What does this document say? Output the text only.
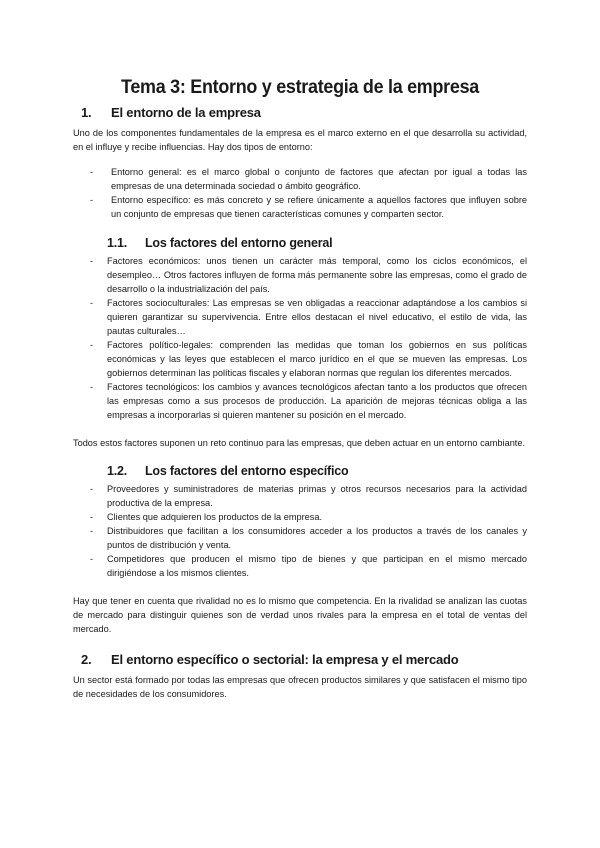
Tema 3: Entorno y estrategia de la empresa
1.	El entorno de la empresa

Uno de los componentes fundamentales de la empresa es el marco externo en el que desarrolla su actividad, en el influye y recibe influencias. Hay dos tipos de entorno:

- Entorno general: es el marco global o conjunto de factores que afectan por igual a todas las empresas de una determinada sociedad o ámbito geográfico.
- Entorno específico: es más concreto y se refiere únicamente a aquellos factores que influyen sobre un conjunto de empresas que tienen características comunes y comparten sector.
1.1.	Los factores del entorno general
- Factores económicos: unos tienen un carácter más temporal, como los ciclos económicos, el desempleo… Otros factores influyen de forma más permanente sobre las empresas, como el grado de desarrollo o la industrialización del país.
- Factores socioculturales: Las empresas se ven obligadas a reaccionar adaptándose a los cambios si quieren garantizar su supervivencia. Entre ellos destacan el nivel educativo, el estilo de vida, las pautas culturales…
- Factores político-legales: comprenden las medidas que toman los gobiernos en sus políticas económicas y las leyes que establecen el marco jurídico en el que se mueven las empresas. Los gobiernos determinan las políticas fiscales y elaboran normas que regulan los diferentes mercados.
- Factores tecnológicos: los cambios y avances tecnológicos afectan tanto a los productos que ofrecen las empresas como a sus procesos de producción. La aparición de mejoras técnicas obliga a las empresas a incorporarlas si quieren mantener su posición en el mercado.

Todos estos factores suponen un reto continuo para las empresas, que deben actuar en un entorno cambiante.

1.2.	Los factores del entorno específico
- Proveedores y suministradores de materias primas y otros recursos necesarios para la actividad productiva de la empresa.
- Clientes que adquieren los productos de la empresa.
- Distribuidores que facilitan a los consumidores acceder a los productos a través de los canales y puntos de distribución y venta.
- Competidores que producen el mismo tipo de bienes y que participan en el mismo mercado dirigiéndose a los mismos clientes.

Hay que tener en cuenta que rivalidad no es lo mismo que competencia. En la rivalidad se analizan las cuotas de mercado para distinguir quienes son de verdad unos rivales para la empresa en el total de ventas del mercado.

2.	El entorno específico o sectorial: la empresa y el mercado

Un sector está formado por todas las empresas que ofrecen productos similares y que satisfacen el mismo tipo de necesidades de los consumidores.
